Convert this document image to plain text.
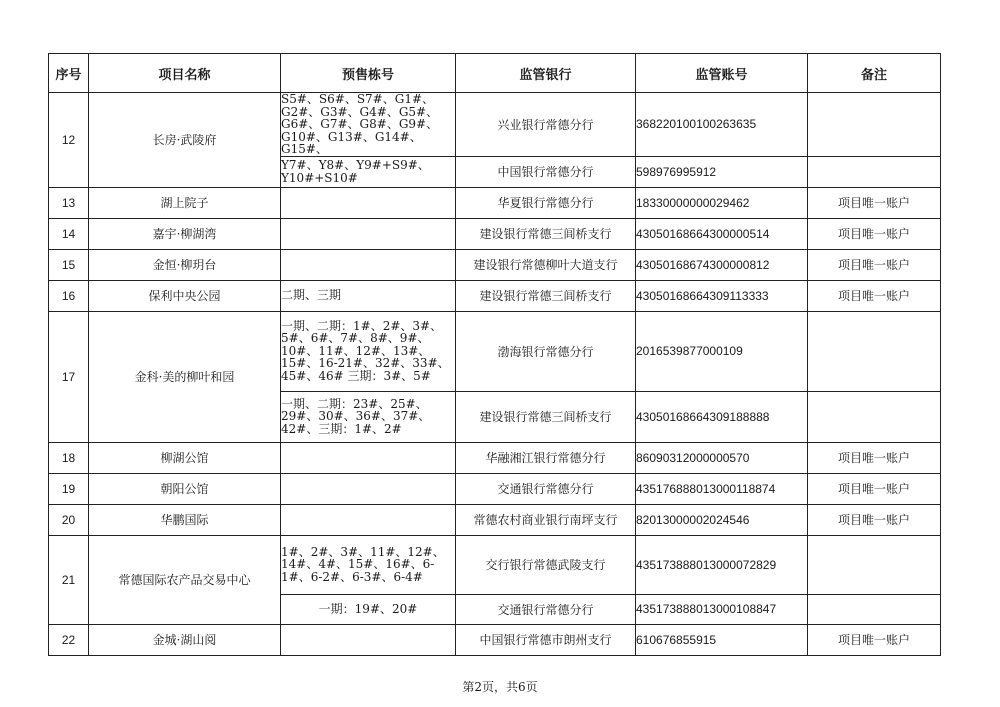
序号	项目名称	预售栋号	监管银行	监管账号	备注
12	长房·武陵府	S5#、S6#、S7#、G1#、G2#、G3#、G4#、G5#、G6#、G7#、G8#、G9#、G10#、G13#、G14#、G15#、	兴业银行常德分行	368220100100263635	
		Y7#、Y8#、Y9#+S9#、Y10#+S10#	中国银行常德分行	598976995912	
13	湖上院子		华夏银行常德分行	18330000000029462	项目唯一账户
14	嘉宇·柳湖湾		建设银行常德三闾桥支行	43050168664300000514	项目唯一账户
15	金恒·柳玥台		建设银行常德柳叶大道支行	43050168674300000812	项目唯一账户
16	保利中央公园	二期、三期	建设银行常德三闾桥支行	43050168664309113333	项目唯一账户
17	金科·美的柳叶和园	一期、二期：1#、2#、3#、5#、6#、7#、8#、9#、10#、11#、12#、13#、15#、16-21#、32#、33#、45#、46# 三期：3#、5#	渤海银行常德分行	2016539877000109	
		一期、二期：23#、25#、29#、30#、36#、37#、42#、三期：1#、2#	建设银行常德三闾桥支行	43050168664309188888	
18	柳湖公馆		华融湘江银行常德分行	86090312000000570	项目唯一账户
19	朝阳公馆		交通银行常德分行	435176888013000118874	项目唯一账户
20	华鹏国际		常德农村商业银行南坪支行	82013000002024546	项目唯一账户
21	常德国际农产品交易中心	1#、2#、3#、11#、12#、14#、4#、15#、16#、6-1#、6-2#、6-3#、6-4#	交行银行常德武陵支行	435173888013000072829	
		一期：19#、20#	交通银行常德分行	435173888013000108847	
22	金城·湖山阅		中国银行常德市朗州支行	610676855915	项目唯一账户
第2页，共6页
